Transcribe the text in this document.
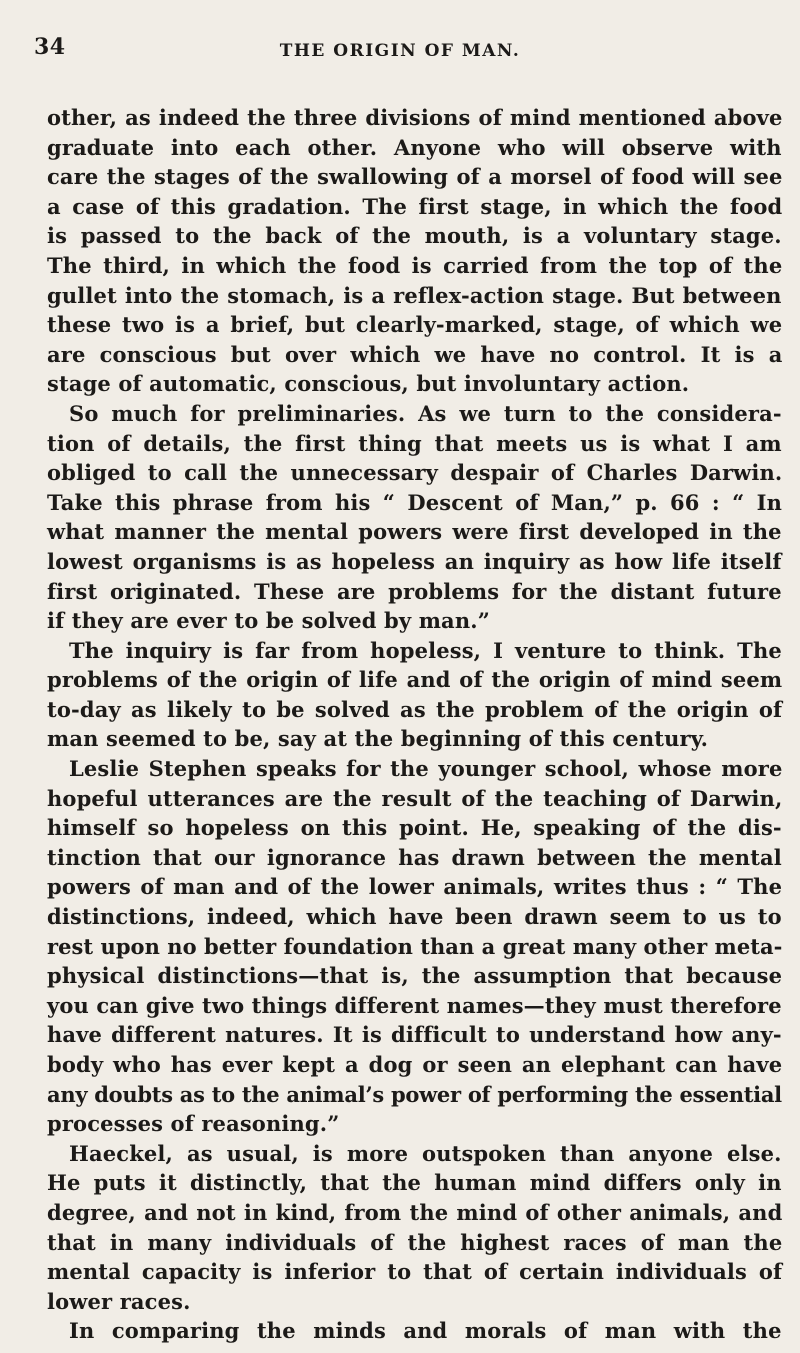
34	THE ORIGIN OF MAN.
other, as indeed the three divisions of mind mentioned above
graduate into each other. Anyone who will observe with
care the stages of the swallowing of a morsel of food will see
a case of this gradation. The first stage, in which the food
is passed to the back of the mouth, is a voluntary stage.
The third, in which the food is carried from the top of the
gullet into the stomach, is a reflex-action stage. But between
these two is a brief, but clearly-marked, stage, of which we
are conscious but over which we have no control. It is a
stage of automatic, conscious, but involuntary action.
So much for preliminaries. As we turn to the considera-
tion of details, the first thing that meets us is what I am
obliged to call the unnecessary despair of Charles Darwin.
Take this phrase from his “ Descent of Man,” p. 66 : “ In
what manner the mental powers were first developed in the
lowest organisms is as hopeless an inquiry as how life itself
first originated. These are problems for the distant future
if they are ever to be solved by man.”
The inquiry is far from hopeless, I venture to think. The
problems of the origin of life and of the origin of mind seem
to-day as likely to be solved as the problem of the origin of
man seemed to be, say at the beginning of this century.
Leslie Stephen speaks for the younger school, whose more
hopeful utterances are the result of the teaching of Darwin,
himself so hopeless on this point. He, speaking of the dis-
tinction that our ignorance has drawn between the mental
powers of man and of the lower animals, writes thus : “ The
distinctions, indeed, which have been drawn seem to us to
rest upon no better foundation than a great many other meta-
physical distinctions—that is, the assumption that because
you can give two things different names—they must therefore
have different natures. It is difficult to understand how any-
body who has ever kept a dog or seen an elephant can have
any doubts as to the animal’s power of performing the essential
processes of reasoning.”
Haeckel, as usual, is more outspoken than anyone else.
He puts it distinctly, that the human mind differs only in
degree, and not in kind, from the mind of other animals, and
that in many individuals of the highest races of man the
mental capacity is inferior to that of certain individuals of
lower races.
In comparing the minds and morals of man with the
